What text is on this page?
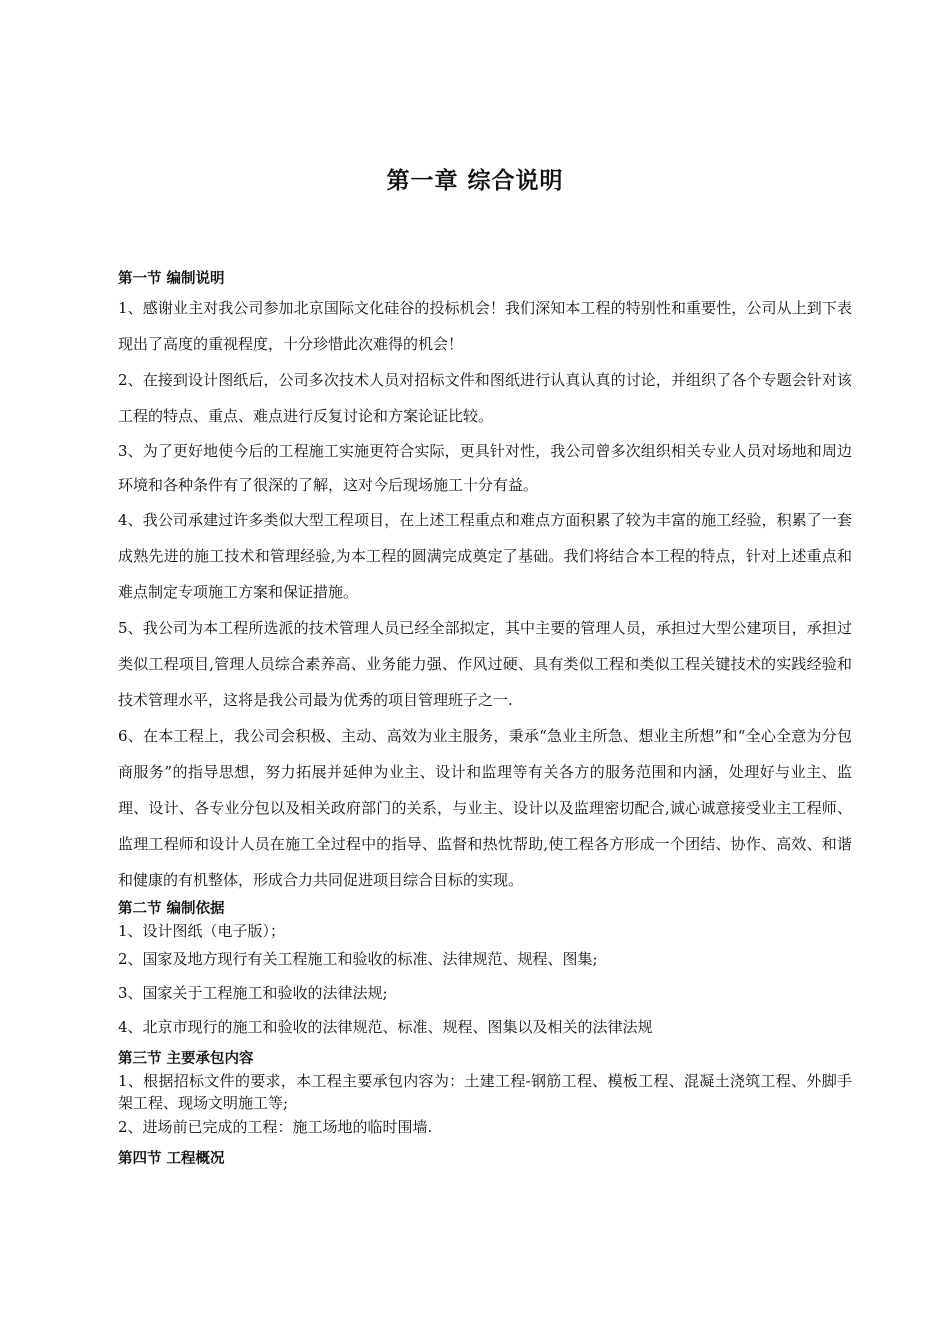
第一章 综合说明
第一节 编制说明

1、感谢业主对我公司参加北京国际文化硅谷的投标机会！我们深知本工程的特别性和重要性，公司从上到下表现出了高度的重视程度，十分珍惜此次难得的机会！

2、在接到设计图纸后，公司多次技术人员对招标文件和图纸进行认真认真的讨论，并组织了各个专题会针对该工程的特点、重点、难点进行反复讨论和方案论证比较。

3、为了更好地使今后的工程施工实施更符合实际，更具针对性，我公司曾多次组织相关专业人员对场地和周边环境和各种条件有了很深的了解，这对今后现场施工十分有益。

4、我公司承建过许多类似大型工程项目，在上述工程重点和难点方面积累了较为丰富的施工经验，积累了一套成熟先进的施工技术和管理经验,为本工程的圆满完成奠定了基础。我们将结合本工程的特点，针对上述重点和难点制定专项施工方案和保证措施。

5、我公司为本工程所选派的技术管理人员已经全部拟定，其中主要的管理人员，承担过大型公建项目，承担过类似工程项目,管理人员综合素养高、业务能力强、作风过硬、具有类似工程和类似工程关键技术的实践经验和技术管理水平，这将是我公司最为优秀的项目管理班子之一.

6、在本工程上，我公司会积极、主动、高效为业主服务，秉承“急业主所急、想业主所想”和“全心全意为分包商服务”的指导思想，努力拓展并延伸为业主、设计和监理等有关各方的服务范围和内涵，处理好与业主、监理、设计、各专业分包以及相关政府部门的关系，与业主、设计以及监理密切配合,诚心诚意接受业主工程师、监理工程师和设计人员在施工全过程中的指导、监督和热忱帮助,使工程各方形成一个团结、协作、高效、和谐和健康的有机整体，形成合力共同促进项目综合目标的实现。

第二节 编制依据

1、设计图纸（电子版）；

2、国家及地方现行有关工程施工和验收的标准、法律规范、规程、图集;

3、国家关于工程施工和验收的法律法规;

4、北京市现行的施工和验收的法律规范、标准、规程、图集以及相关的法律法规

第三节 主要承包内容

1、根据招标文件的要求，本工程主要承包内容为：土建工程-钢筋工程、模板工程、混凝土浇筑工程、外脚手架工程、现场文明施工等;

2、进场前已完成的工程：施工场地的临时围墙.

第四节 工程概况
